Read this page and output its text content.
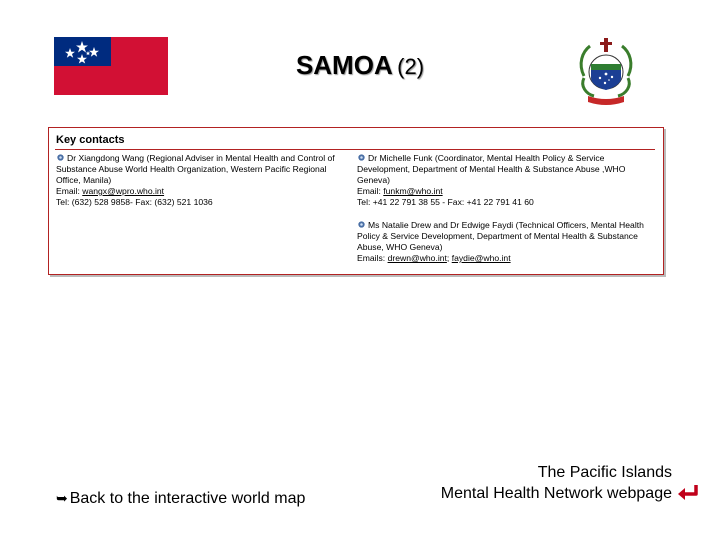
SAMOA (2)
Key contacts
Dr Xiangdong Wang (Regional Adviser in Mental Health and Control of Substance Abuse World Health Organization, Western Pacific Regional Office, Manila)
Email: wangx@wpro.who.int
Tel: (632) 528 9858- Fax: (632) 521 1036
Dr Michelle Funk (Coordinator, Mental Health Policy & Service Development, Department of Mental Health & Substance Abuse ,WHO Geneva)
Email: funkm@who.int
Tel: +41 22 791 38 55 - Fax: +41 22 791 41 60
Ms Natalie Drew and Dr Edwige Faydi (Technical Officers, Mental Health Policy & Service Development, Department of Mental Health & Substance Abuse, WHO Geneva)
Emails: drewn@who.int; faydie@who.int
➥ Back to the interactive world map
The Pacific Islands
Mental Health Network webpage
